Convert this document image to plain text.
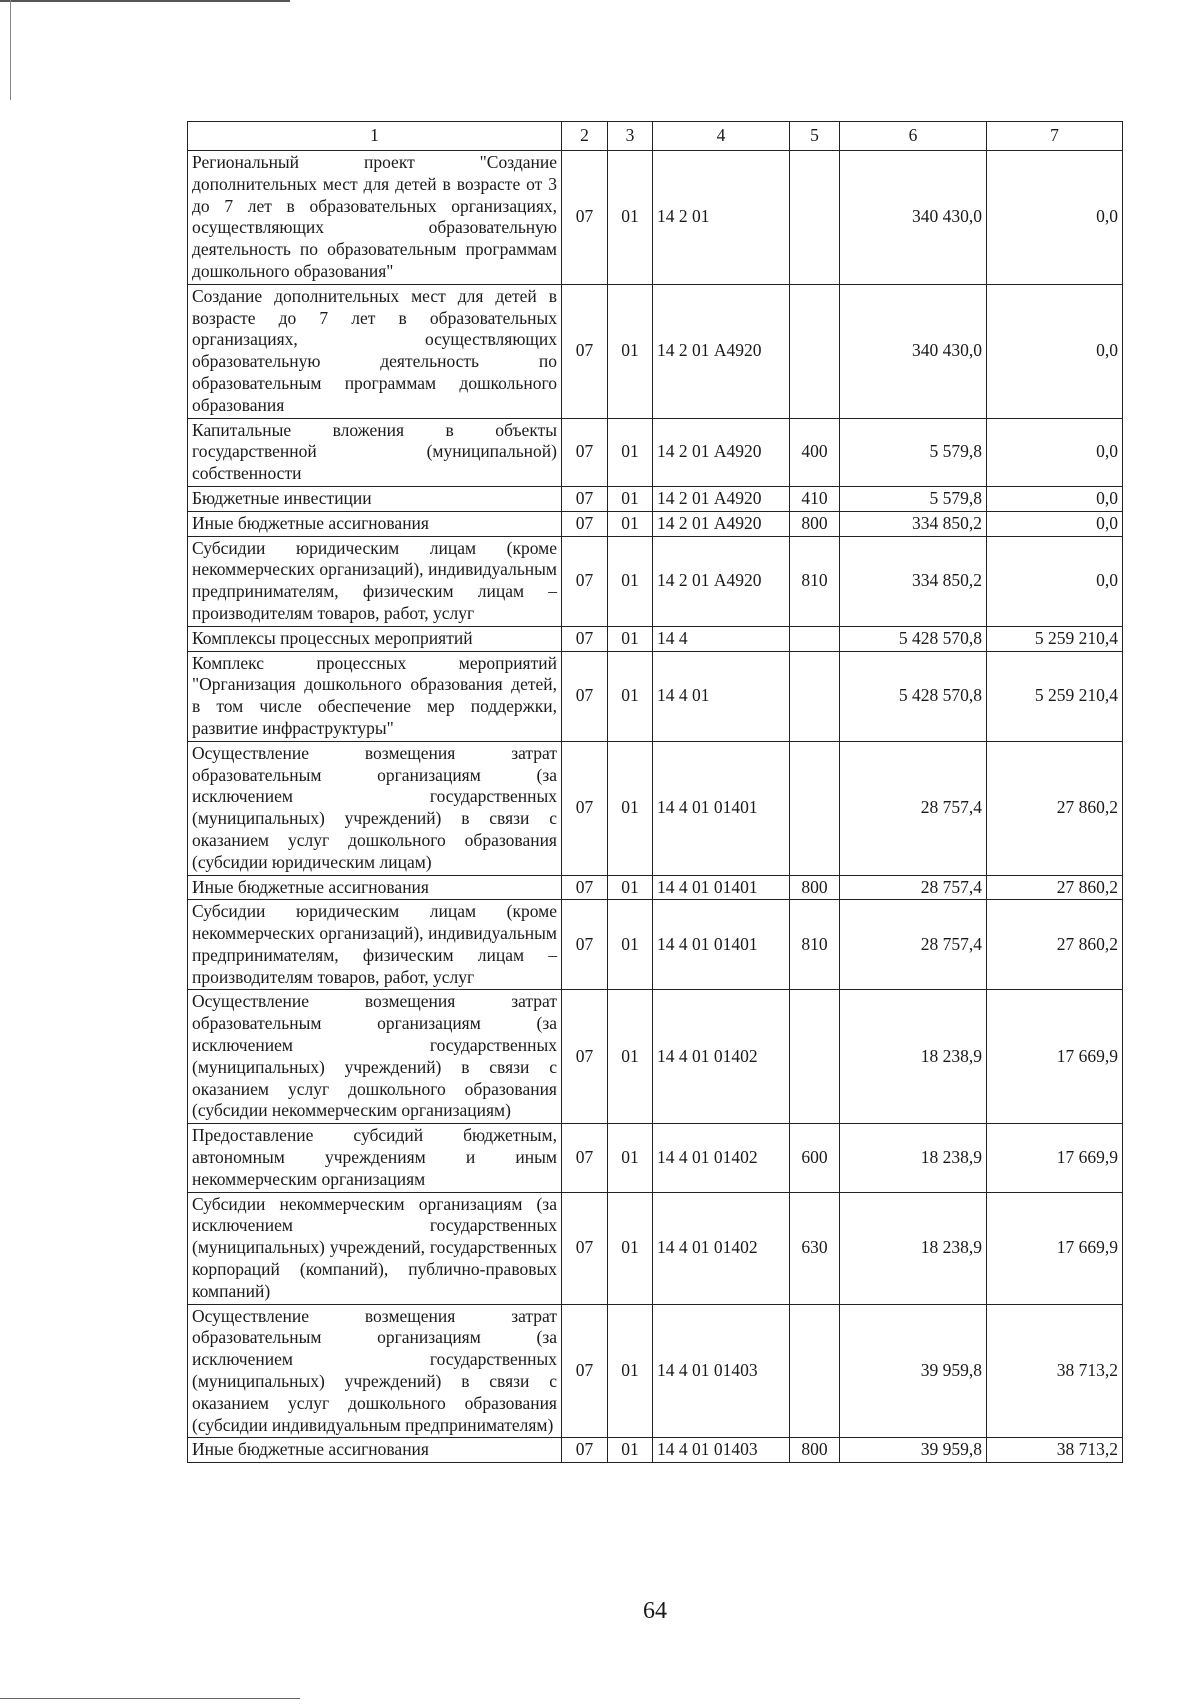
1	2	3	4	5	6	7
Региональный проект "Создание дополнительных мест для детей в возрасте от 3 до 7 лет в образовательных организациях, осуществляющих образовательную деятельность по образовательным программам дошкольного образования"	07	01	14 2 01		340 430,0	0,0
Создание дополнительных мест для детей в возрасте до 7 лет в образовательных организациях, осуществляющих образовательную деятельность по образовательным программам дошкольного образования	07	01	14 2 01 А4920		340 430,0	0,0
Капитальные вложения в объекты государственной (муниципальной) собственности	07	01	14 2 01 А4920	400	5 579,8	0,0
Бюджетные инвестиции	07	01	14 2 01 А4920	410	5 579,8	0,0
Иные бюджетные ассигнования	07	01	14 2 01 А4920	800	334 850,2	0,0
Субсидии юридическим лицам (кроме некоммерческих организаций), индивидуальным предпринимателям, физическим лицам – производителям товаров, работ, услуг	07	01	14 2 01 А4920	810	334 850,2	0,0
Комплексы процессных мероприятий	07	01	14 4		5 428 570,8	5 259 210,4
Комплекс процессных мероприятий "Организация дошкольного образования детей, в том числе обеспечение мер поддержки, развитие инфраструктуры"	07	01	14 4 01		5 428 570,8	5 259 210,4
Осуществление возмещения затрат образовательным организациям (за исключением государственных (муниципальных) учреждений) в связи с оказанием услуг дошкольного образования (субсидии юридическим лицам)	07	01	14 4 01 01401		28 757,4	27 860,2
Иные бюджетные ассигнования	07	01	14 4 01 01401	800	28 757,4	27 860,2
Субсидии юридическим лицам (кроме некоммерческих организаций), индивидуальным предпринимателям, физическим лицам – производителям товаров, работ, услуг	07	01	14 4 01 01401	810	28 757,4	27 860,2
Осуществление возмещения затрат образовательным организациям (за исключением государственных (муниципальных) учреждений) в связи с оказанием услуг дошкольного образования (субсидии некоммерческим организациям)	07	01	14 4 01 01402		18 238,9	17 669,9
Предоставление субсидий бюджетным, автономным учреждениям и иным некоммерческим организациям	07	01	14 4 01 01402	600	18 238,9	17 669,9
Субсидии некоммерческим организациям (за исключением государственных (муниципальных) учреждений, государственных корпораций (компаний), публично-правовых компаний)	07	01	14 4 01 01402	630	18 238,9	17 669,9
Осуществление возмещения затрат образовательным организациям (за исключением государственных (муниципальных) учреждений) в связи с оказанием услуг дошкольного образования (субсидии индивидуальным предпринимателям)	07	01	14 4 01 01403		39 959,8	38 713,2
Иные бюджетные ассигнования	07	01	14 4 01 01403	800	39 959,8	38 713,2
64
